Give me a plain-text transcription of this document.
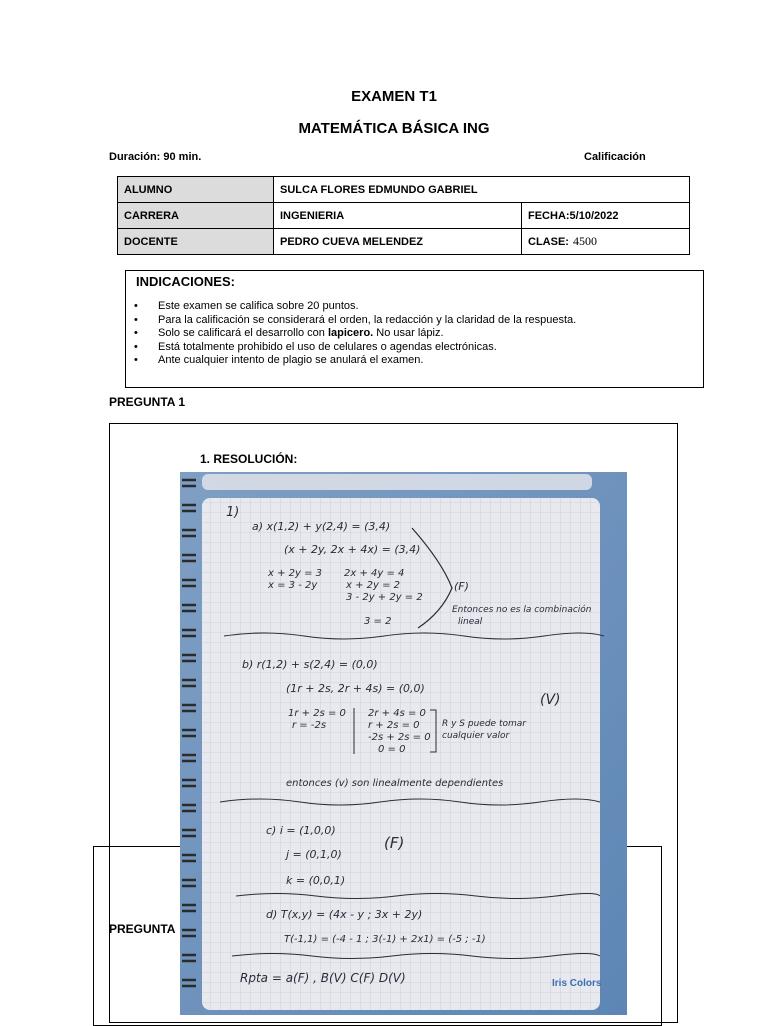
EXAMEN T1
MATEMÁTICA BÁSICA ING
Duración: 90 min.	Calificación
ALUMNO	SULCA FLORES EDMUNDO GABRIEL	
CARRERA	INGENIERIA	FECHA:5/10/2022
DOCENTE	PEDRO CUEVA MELENDEZ	CLASE: 4500
INDICACIONES:
• Este examen se califica sobre 20 puntos.
• Para la calificación se considerará el orden, la redacción y la claridad de la respuesta.
• Solo se calificará el desarrollo con lapicero. No usar lápiz.
• Está totalmente prohibido el uso de celulares o agendas electrónicas.
• Ante cualquier intento de plagio se anulará el examen.
PREGUNTA 1
1. RESOLUCIÓN:
PREGUNTA
1)
a) x(1,2) + y(2,4) = (3,4)
(x + 2y, 2x + 4x) = (3,4)
x + 2y = 3
x = 3 - 2y
2x + 4y = 4
x + 2y = 2
3 - 2y + 2y = 2
3 = 2
(F)
Entonces no es la combinación
lineal
b) r(1,2) + s(2,4) = (0,0)
(1r + 2s, 2r + 4s) = (0,0)
(V)
1r + 2s = 0
r = -2s
2r + 4s = 0
r + 2s = 0
-2s + 2s = 0
0 = 0
R y S puede tomar
cualquier valor
entonces (v) son linealmente dependientes
c) i = (1,0,0)
j = (0,1,0)
(F)
k = (0,0,1)
d) T(x,y) = (4x - y ; 3x + 2y)
T(-1,1) = (-4 - 1 ; 3(-1) + 2x1) = (-5 ; -1)
Rpta = a(F) , B(V) C(F) D(V)	Iris Colors
